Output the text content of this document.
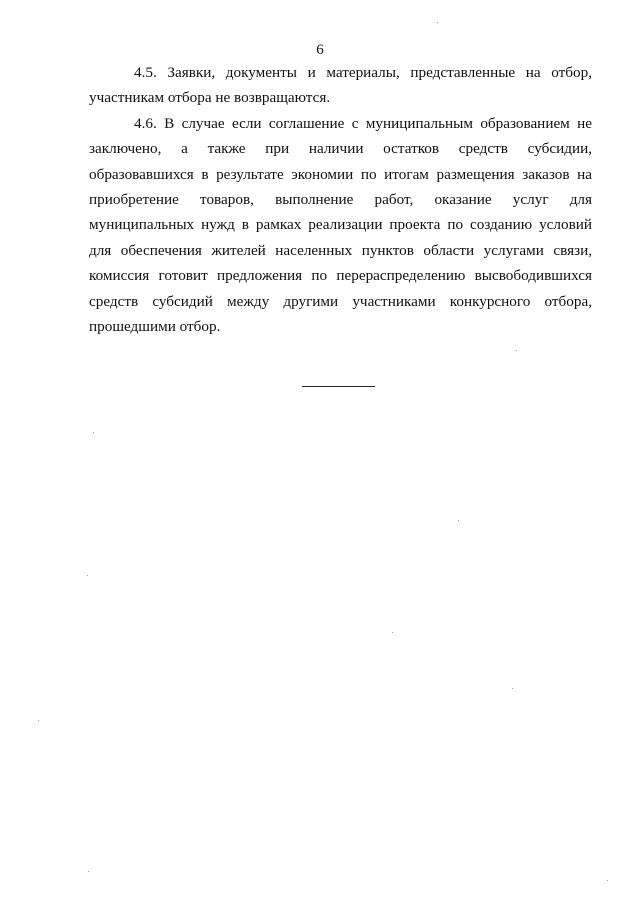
6
4.5. Заявки, документы и материалы, представленные на отбор,
участникам отбора не возвращаются.
4.6. В случае если соглашение с муниципальным образованием не
заключено, а также при наличии остатков средств субсидии,
образовавшихся в результате экономии по итогам размещения заказов на
приобретение товаров, выполнение работ, оказание услуг для
муниципальных нужд в рамках реализации проекта по созданию условий
для обеспечения жителей населенных пунктов области услугами связи,
комиссия готовит предложения по перераспределению высвободившихся
средств субсидий между другими участниками конкурсного отбора,
прошедшими отбор.
